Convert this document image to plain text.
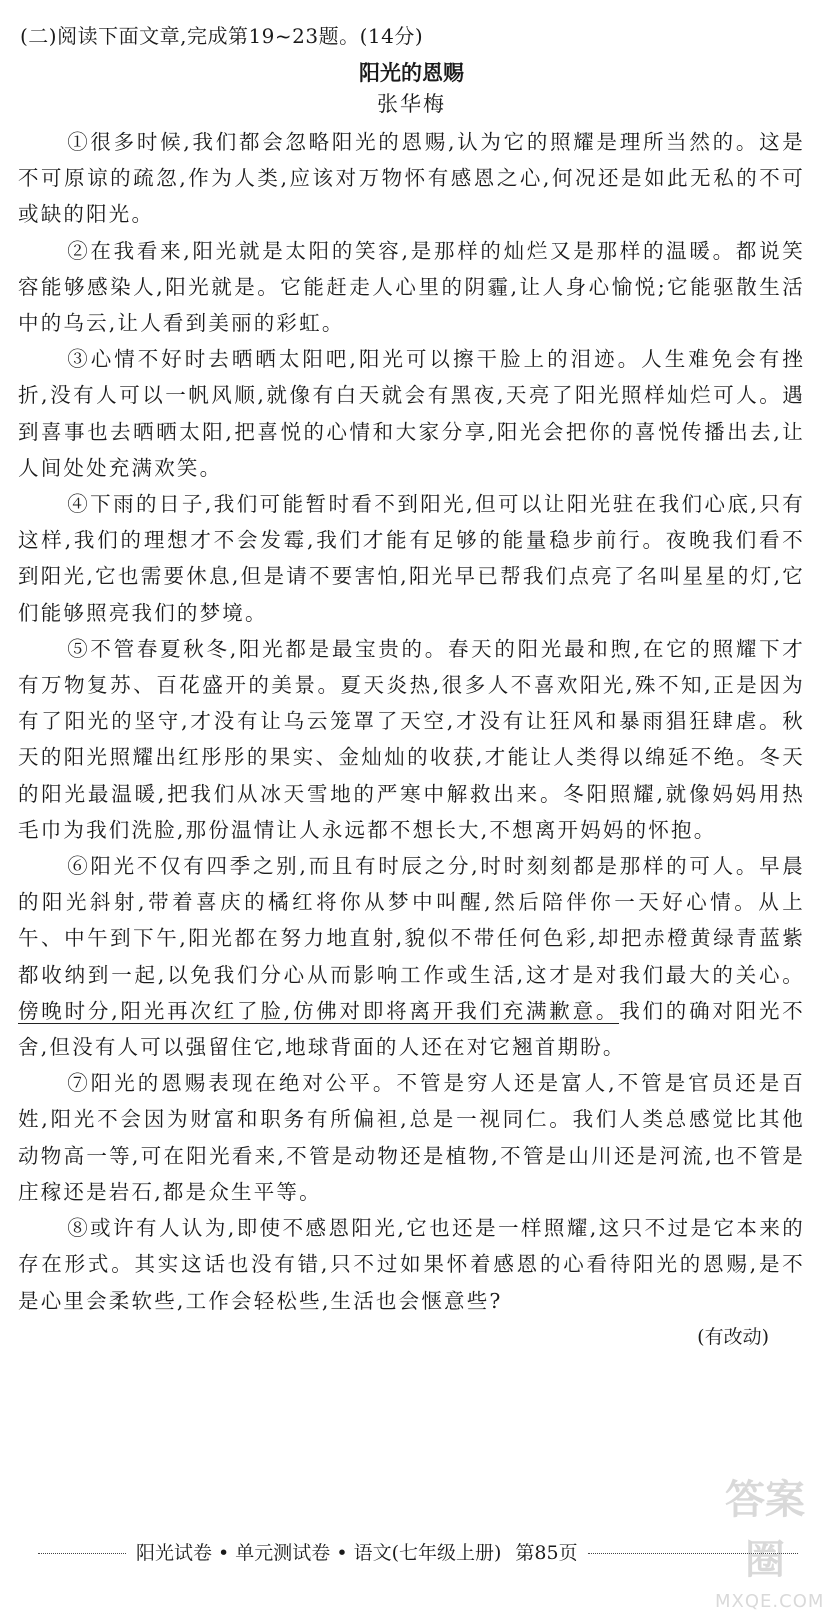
(二)阅读下面文章,完成第19~23题。(14分)

阳光的恩赐

张华梅

①很多时候,我们都会忽略阳光的恩赐,认为它的照耀是理所当然的。这是不可原谅的疏忽,作为人类,应该对万物怀有感恩之心,何况还是如此无私的不可或缺的阳光。

②在我看来,阳光就是太阳的笑容,是那样的灿烂又是那样的温暖。都说笑容能够感染人,阳光就是。它能赶走人心里的阴霾,让人身心愉悦;它能驱散生活中的乌云,让人看到美丽的彩虹。

③心情不好时去晒晒太阳吧,阳光可以擦干脸上的泪迹。人生难免会有挫折,没有人可以一帆风顺,就像有白天就会有黑夜,天亮了阳光照样灿烂可人。遇到喜事也去晒晒太阳,把喜悦的心情和大家分享,阳光会把你的喜悦传播出去,让人间处处充满欢笑。

④下雨的日子,我们可能暂时看不到阳光,但可以让阳光驻在我们心底,只有这样,我们的理想才不会发霉,我们才能有足够的能量稳步前行。夜晚我们看不到阳光,它也需要休息,但是请不要害怕,阳光早已帮我们点亮了名叫星星的灯,它们能够照亮我们的梦境。

⑤不管春夏秋冬,阳光都是最宝贵的。春天的阳光最和煦,在它的照耀下才有万物复苏、百花盛开的美景。夏天炎热,很多人不喜欢阳光,殊不知,正是因为有了阳光的坚守,才没有让乌云笼罩了天空,才没有让狂风和暴雨猖狂肆虐。秋天的阳光照耀出红彤彤的果实、金灿灿的收获,才能让人类得以绵延不绝。冬天的阳光最温暖,把我们从冰天雪地的严寒中解救出来。冬阳照耀,就像妈妈用热毛巾为我们洗脸,那份温情让人永远都不想长大,不想离开妈妈的怀抱。

⑥阳光不仅有四季之别,而且有时辰之分,时时刻刻都是那样的可人。早晨的阳光斜射,带着喜庆的橘红将你从梦中叫醒,然后陪伴你一天好心情。从上午、中午到下午,阳光都在努力地直射,貌似不带任何色彩,却把赤橙黄绿青蓝紫都收纳到一起,以免我们分心从而影响工作或生活,这才是对我们最大的关心。傍晚时分,阳光再次红了脸,仿佛对即将离开我们充满歉意。我们的确对阳光不舍,但没有人可以强留住它,地球背面的人还在对它翘首期盼。

⑦阳光的恩赐表现在绝对公平。不管是穷人还是富人,不管是官员还是百姓,阳光不会因为财富和职务有所偏袒,总是一视同仁。我们人类总感觉比其他动物高一等,可在阳光看来,不管是动物还是植物,不管是山川还是河流,也不管是庄稼还是岩石,都是众生平等。

⑧或许有人认为,即使不感恩阳光,它也还是一样照耀,这只不过是它本来的存在形式。其实这话也没有错,只不过如果怀着感恩的心看待阳光的恩赐,是不是心里会柔软些,工作会轻松些,生活也会惬意些?

(有改动)

阳光试卷 • 单元测试卷 • 语文(七年级上册) 第85页
答案圈
MXQE.COM
